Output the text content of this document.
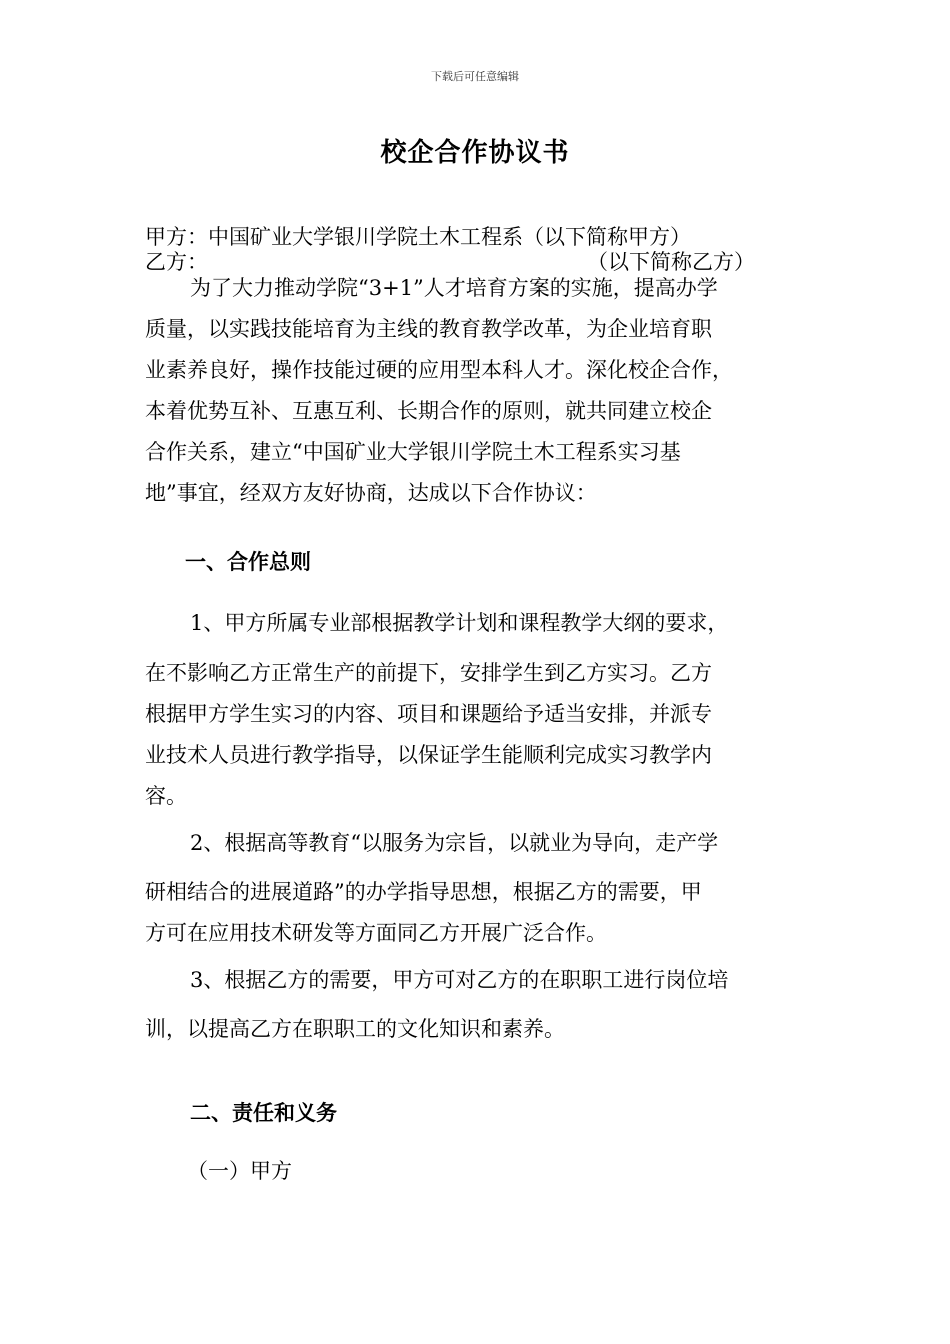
下载后可任意编辑
校企合作协议书
甲方：中国矿业大学银川学院土木工程系（以下简称甲方）
乙方：	（以下简称乙方）
为了大力推动学院“3+1”人才培育方案的实施，提高办学
质量，以实践技能培育为主线的教育教学改革，为企业培育职
业素养良好，操作技能过硬的应用型本科人才。深化校企合作，
本着优势互补、互惠互利、长期合作的原则，就共同建立校企
合作关系，建立“中国矿业大学银川学院土木工程系实习基
地”事宜，经双方友好协商，达成以下合作协议：
一、合作总则
1、甲方所属专业部根据教学计划和课程教学大纲的要求，
在不影响乙方正常生产的前提下，安排学生到乙方实习。乙方
根据甲方学生实习的内容、项目和课题给予适当安排，并派专
业技术人员进行教学指导，以保证学生能顺利完成实习教学内
容。
2、根据高等教育“以服务为宗旨，以就业为导向，走产学
研相结合的进展道路”的办学指导思想，根据乙方的需要，甲
方可在应用技术研发等方面同乙方开展广泛合作。
3、根据乙方的需要，甲方可对乙方的在职职工进行岗位培
训，以提高乙方在职职工的文化知识和素养。
二、责任和义务
（一）甲方
